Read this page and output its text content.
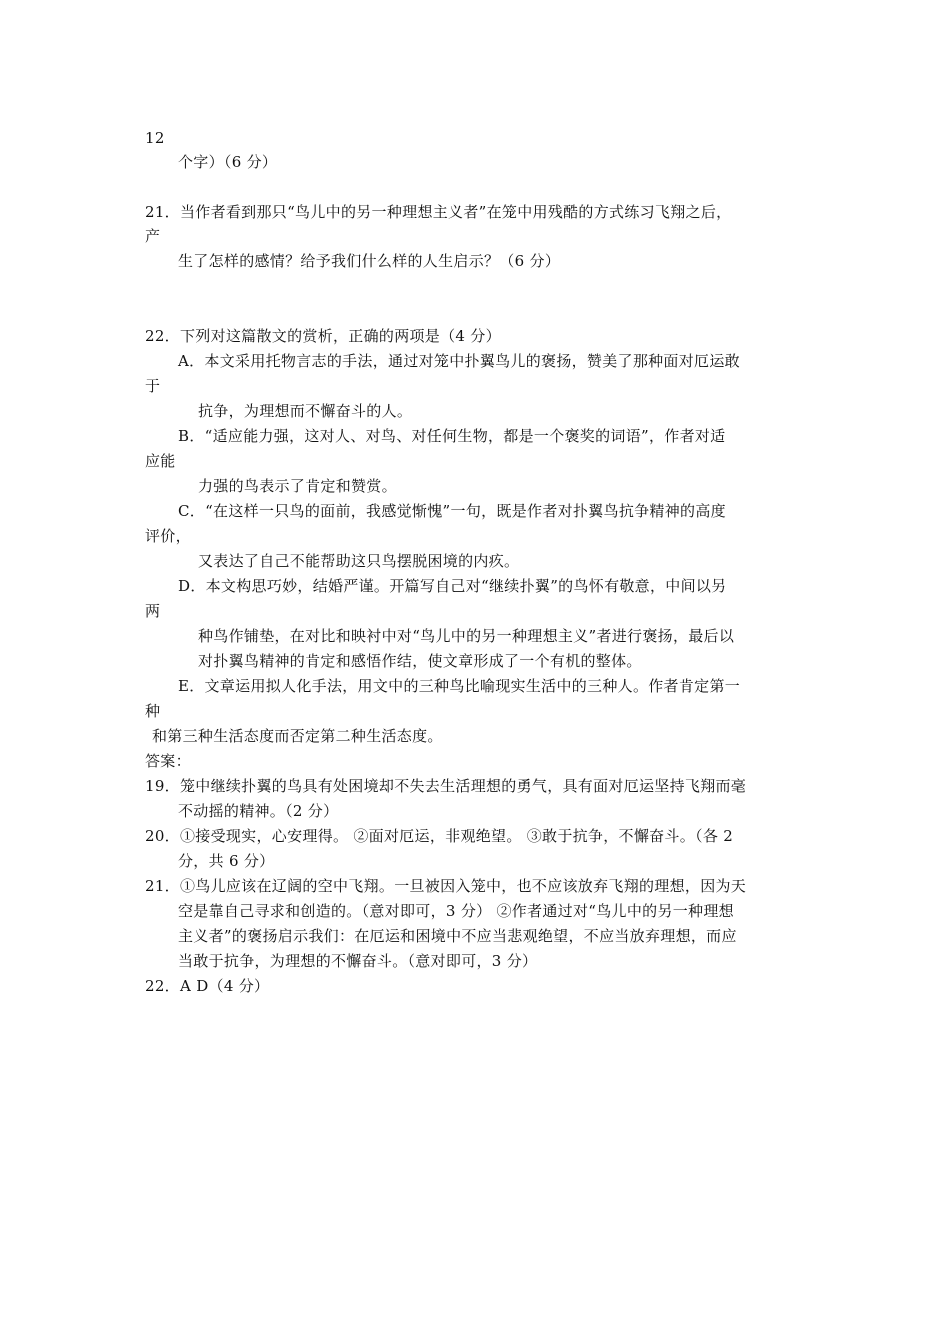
12
个字）（6 分）
21．当作者看到那只“鸟儿中的另一种理想主义者”在笼中用残酷的方式练习飞翔之后，
产
生了怎样的感情？给予我们什么样的人生启示？（6 分）
22．下列对这篇散文的赏析，正确的两项是（4 分）
A．本文采用托物言志的手法，通过对笼中扑翼鸟儿的褒扬，赞美了那种面对厄运敢
于
抗争，为理想而不懈奋斗的人。
B．“适应能力强，这对人、对鸟、对任何生物，都是一个褒奖的词语”，作者对适
应能
力强的鸟表示了肯定和赞赏。
C．“在这样一只鸟的面前，我感觉惭愧”一句，既是作者对扑翼鸟抗争精神的高度
评价，
又表达了自己不能帮助这只鸟摆脱困境的内疚。
D．本文构思巧妙，结婚严谨。开篇写自己对“继续扑翼”的鸟怀有敬意，中间以另
两
种鸟作铺垫，在对比和映衬中对“鸟儿中的另一种理想主义”者进行褒扬，最后以
对扑翼鸟精神的肯定和感悟作结，使文章形成了一个有机的整体。
E．文章运用拟人化手法，用文中的三种鸟比喻现实生活中的三种人。作者肯定第一
种
和第三种生活态度而否定第二种生活态度。
答案：
19．笼中继续扑翼的鸟具有处困境却不失去生活理想的勇气，具有面对厄运坚持飞翔而毫
不动摇的精神。（2 分）
20．①接受现实，心安理得。 ②面对厄运，非观绝望。 ③敢于抗争，不懈奋斗。（各 2
分，共 6 分）
21．①鸟儿应该在辽阔的空中飞翔。一旦被因入笼中，也不应该放弃飞翔的理想，因为天
空是靠自己寻求和创造的。（意对即可，3 分） ②作者通过对“鸟儿中的另一种理想
主义者”的褒扬启示我们：在厄运和困境中不应当悲观绝望，不应当放弃理想，而应
当敢于抗争，为理想的不懈奋斗。（意对即可，3 分）
22．A D（4 分）
